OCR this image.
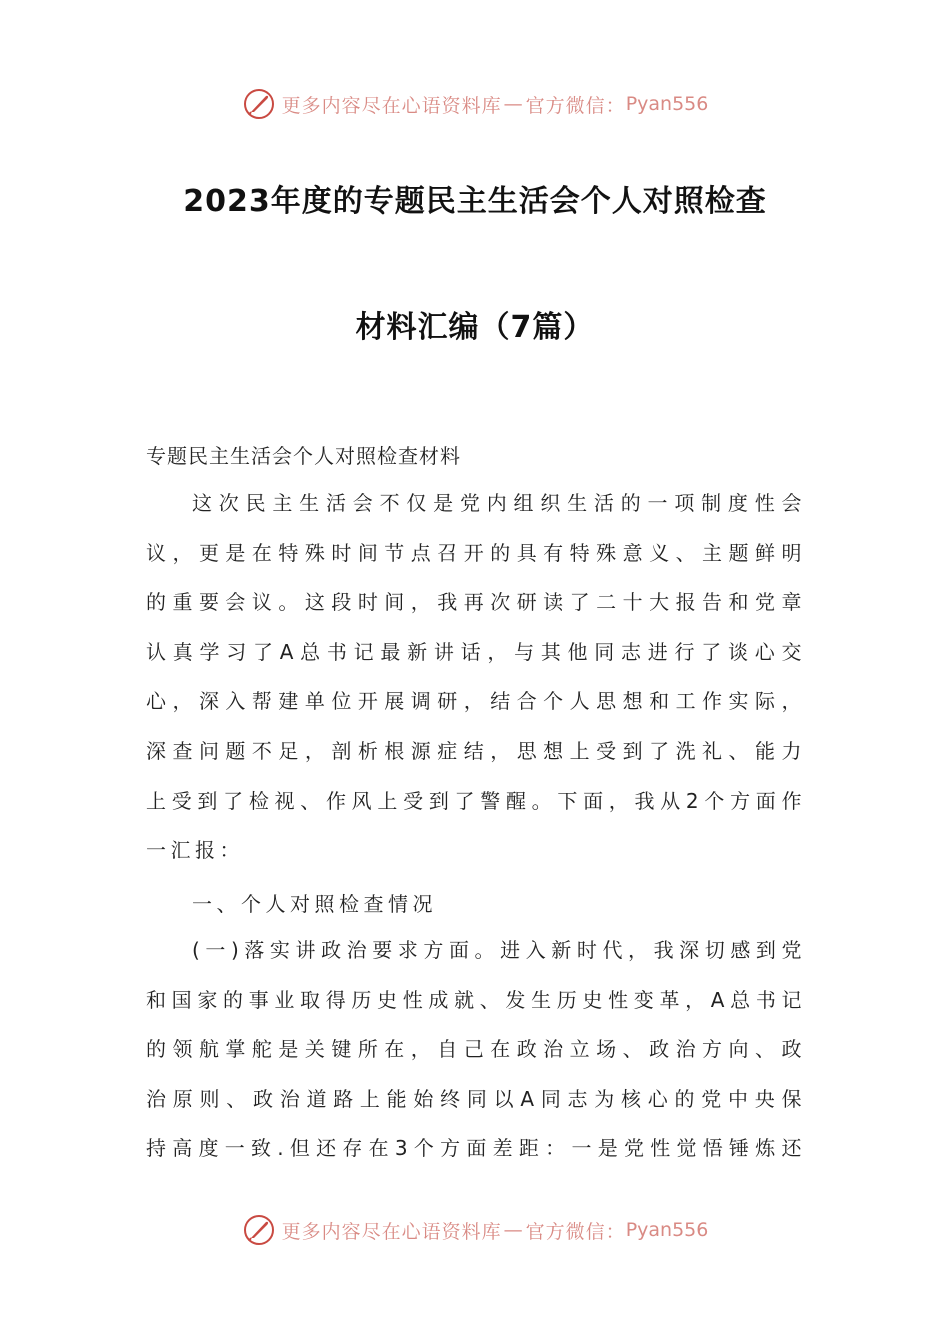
更多内容尽在心语资料库 — 官方微信： Pyan556
2023年度的专题民主生活会个人对照检查
材料汇编（7篇）
专题民主生活会个人对照检查材料
这次民主生活会不仅是党内组织生活的一项制度性会
议，更是在特殊时间节点召开的具有特殊意义、主题鲜明
的重要会议。这段时间，我再次研读了二十大报告和党章
认真学习了A总书记最新讲话，与其他同志进行了谈心交
心，深入帮建单位开展调研，结合个人思想和工作实际，
深查问题不足，剖析根源症结，思想上受到了洗礼、能力
上受到了检视、作风上受到了警醒。下面，我从2个方面作
一汇报：
一、个人对照检查情况
(一)落实讲政治要求方面。进入新时代，我深切感到党
和国家的事业取得历史性成就、发生历史性变革，A总书记
的领航掌舵是关键所在，自己在政治立场、政治方向、政
治原则、政治道路上能始终同以A同志为核心的党中央保
持高度一致.但还存在3个方面差距：一是党性觉悟锤炼还
更多内容尽在心语资料库 — 官方微信： Pyan556
